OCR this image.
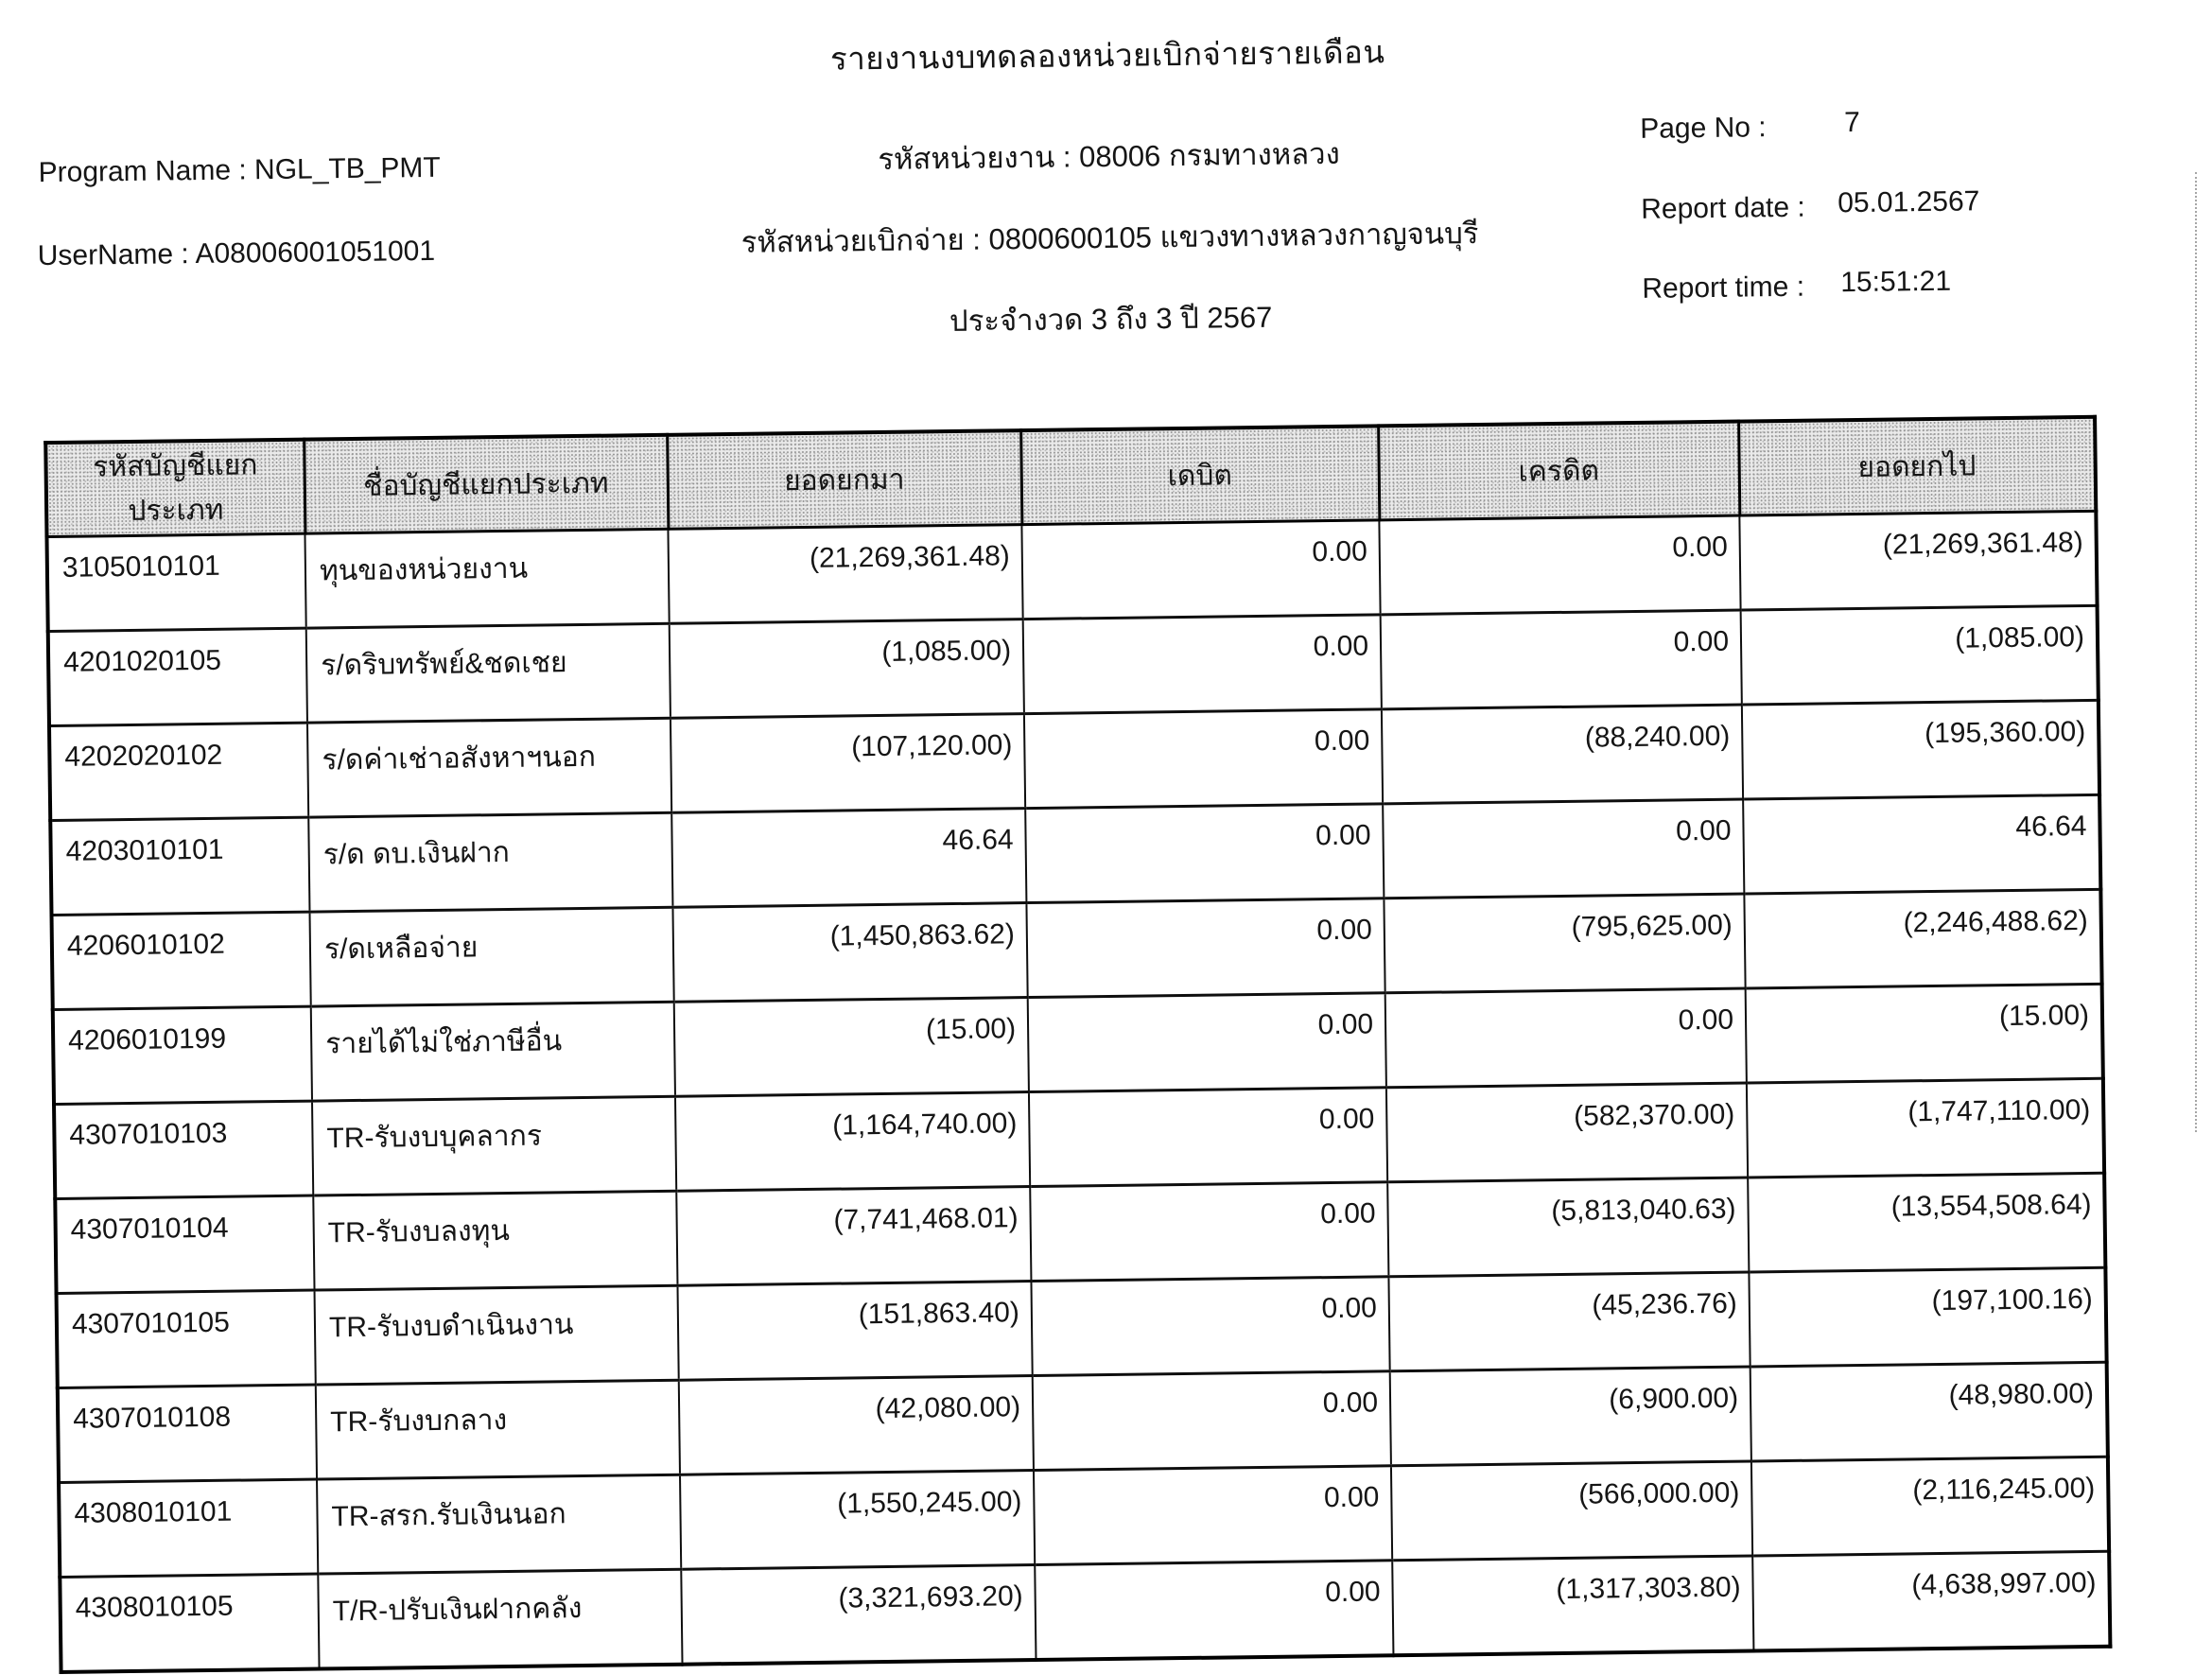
รายงานงบทดลองหน่วยเบิกจ่ายรายเดือน
รหัสหน่วยงาน : 08006 กรมทางหลวง
รหัสหน่วยเบิกจ่าย : 0800600105 แขวงทางหลวงกาญจนบุรี
ประจำงวด 3 ถึง 3 ปี 2567
Program Name : NGL_TB_PMT
UserName : A08006001051001
Page No :	7
Report date : 05.01.2567
Report time : 15:51:21
รหัสบัญชีแยกประเภท	ชื่อบัญชีแยกประเภท	ยอดยกมา	เดบิต	เครดิต	ยอดยกไป
3105010101	ทุนของหน่วยงาน	(21,269,361.48)	0.00	0.00	(21,269,361.48)
4201020105	ร/ดริบทรัพย์&ชดเชย	(1,085.00)	0.00	0.00	(1,085.00)
4202020102	ร/ดค่าเช่าอสังหาฯนอก	(107,120.00)	0.00	(88,240.00)	(195,360.00)
4203010101	ร/ด ดบ.เงินฝาก	46.64	0.00	0.00	46.64
4206010102	ร/ดเหลือจ่าย	(1,450,863.62)	0.00	(795,625.00)	(2,246,488.62)
4206010199	รายได้ไม่ใช่ภาษีอื่น	(15.00)	0.00	0.00	(15.00)
4307010103	TR-รับงบบุคลากร	(1,164,740.00)	0.00	(582,370.00)	(1,747,110.00)
4307010104	TR-รับงบลงทุน	(7,741,468.01)	0.00	(5,813,040.63)	(13,554,508.64)
4307010105	TR-รับงบดำเนินงาน	(151,863.40)	0.00	(45,236.76)	(197,100.16)
4307010108	TR-รับงบกลาง	(42,080.00)	0.00	(6,900.00)	(48,980.00)
4308010101	TR-สรก.รับเงินนอก	(1,550,245.00)	0.00	(566,000.00)	(2,116,245.00)
4308010105	T/R-ปรับเงินฝากคลัง	(3,321,693.20)	0.00	(1,317,303.80)	(4,638,997.00)
